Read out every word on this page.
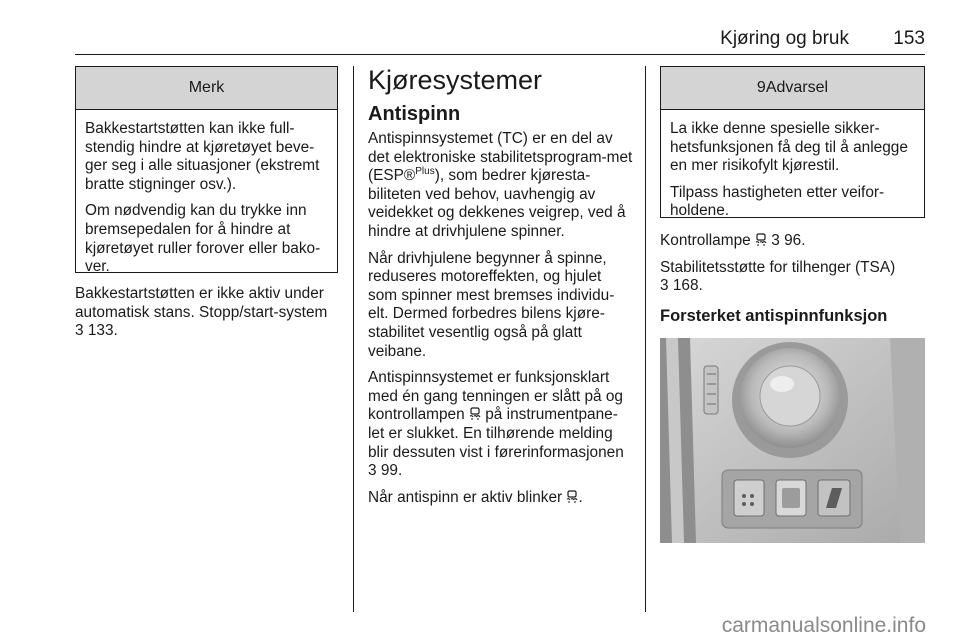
Kjøring og bruk 153
Merk

Bakkestartstøtten kan ikke full-stendig hindre at kjøretøyet beve-ger seg i alle situasjoner (ekstremt bratte stigninger osv.).

Om nødvendig kan du trykke inn bremsepedalen for å hindre at kjøretøyet ruller forover eller bako-ver.

Bakkestartstøtten er ikke aktiv under automatisk stans. Stopp/start-system
3 133.

Kjøresystemer
Antispinn

Antispinnsystemet (TC) er en del av det elektroniske stabilitetsprogram-met (ESP®$^{Plus}$), som bedrer kjøresta-biliteten ved behov, uavhengig av veidekket og dekkenes veigrep, ved å hindre at drivhjulene spinner.

Når drivhjulene begynner å spinne, reduseres motoreffekten, og hjulet som spinner mest bremses individu-elt. Dermed forbedres bilens kjøre-stabilitet vesentlig også på glatt veibane.

Antispinnsystemet er funksjonsklart med én gang tenningen er slått på og kontrollampen på instrumentpane-let er slukket. En tilhørende melding blir dessuten vist i førerinformasjonen
3 99.

Når antispinn er aktiv blinker .

9Advarsel

La ikke denne spesielle sikker-hetsfunksjonen få deg til å anlegge en mer risikofylt kjørestil.

Tilpass hastigheten etter veifor-holdene.

Kontrollampe 3 96.

Stabilitetsstøtte for tilhenger (TSA)
3 168.

Forsterket antispinnfunksjon
carmanualsonline.info
